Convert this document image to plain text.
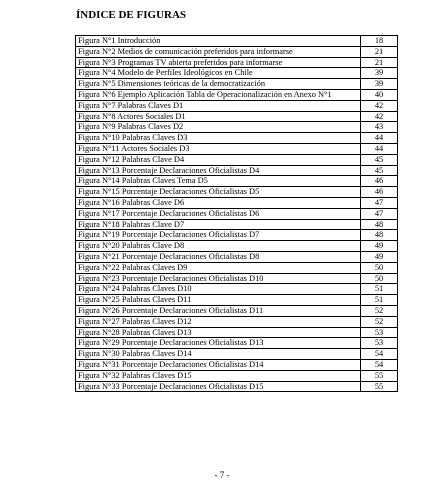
ÍNDICE DE FIGURAS
Figura N°1 Introducción	18
Figura N°2 Medios de comunicación preferidos para informarse	21
Figura N°3 Programas TV abierta preferidos para informarse	21
Figura N°4 Modelo de Perfiles Ideológicos en Chile	39
Figura N°5 Dimensiones teóricas de la democratización	39
Figura N°6 Ejemplo Aplicación Tabla de Operacionalización en Anexo N°1	40
Figura N°7 Palabras Claves D1	42
Figura N°8 Actores Sociales D1	42
Figura N°9 Palabras Claves D2	43
Figura N°10 Palabras Claves D3	44
Figura N°11 Actores Sociales D3	44
Figura N°12 Palabras Clave D4	45
Figura N°13 Porcentaje Declaraciones Oficialistas D4	45
Figura N°14 Palabras Claves Tema D5	46
Figura N°15 Porcentaje Declaraciones Oficialistas D5	46
Figura N°16 Palabras Clave D6	47
Figura N°17 Porcentaje Declaraciones Oficialistas D6	47
Figura N°18 Palabras Clave D7	48
Figura N°19 Porcentaje Declaraciones Oficialistas D7	48
Figura N°20 Palabras Clave D8	49
Figura N°21 Porcentaje Declaraciones Oficialistas D8	49
Figura N°22 Palabras Claves D9	50
Figura N°23 Porcentaje Declaraciones Oficialistas D10	50
Figura N°24 Palabras Claves D10	51
Figura N°25 Palabras Claves D11	51
Figura N°26 Porcentaje Declaraciones Oficialistas D11	52
Figura N°27 Palabras Claves D12	52
Figura N°28 Palabras Claves D13	53
Figura N°29 Porcentaje Declaraciones Oficialistas D13	53
Figura N°30 Palabras Claves D14	54
Figura N°31 Porcentaje Declaraciones Oficialistas D14	54
Figura N°32 Palabras Claves D15	55
Figura N°33 Porcentaje Declaraciones Oficialistas D15	55
- 7 -
